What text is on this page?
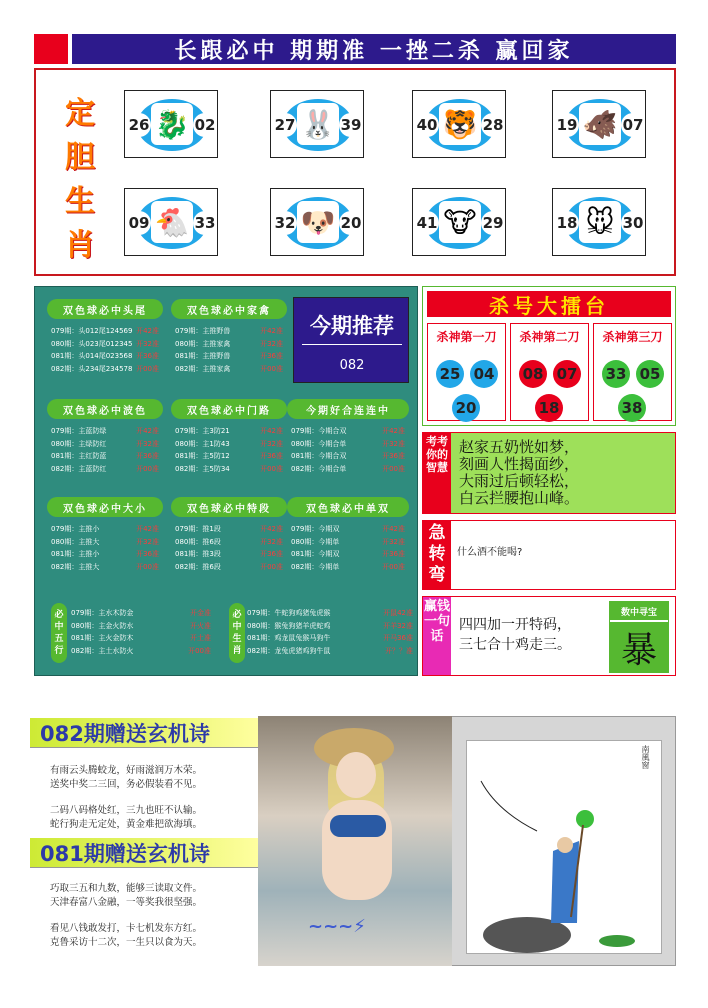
长跟必中 期期准 一挫二杀 赢回家
定
胆
生
肖
🐉
26	02	🐰
27	39	🐯
40	28	🐗
19	07
🐔
09	33	🐶
32	20	🐮
41	29	🐭
18	30
今期推荐
082
双色球必中头尾
079期：头012尾124569 开42准
080期：头023尾012345 开32准
081期：头014尾023568 开36准
082期：头234尾234578 开00准
双色球必中家禽
079期：主推野兽	开42准
080期：主推家禽	开32准
081期：主推野兽	开36准
082期：主推家禽	开00准
双色球必中波色
079期：主蓝防绿	开42准
080期：主绿防红	开32准
081期：主红防蓝	开36准
082期：主蓝防红	开00准
双色球必中门路
079期：主3防21	开42准
080期：主1防43	开32准
081期：主5防12	开36准
082期：主5防34	开00准
今期好合连连中
079期：今期合双	开42准
080期：今期合单	开32准
081期：今期合双	开36准
082期：今期合单	开00准
双色球必中大小
079期：主推小	开42准
080期：主推大	开32准
081期：主推小	开36准
082期：主推大	开00准
双色球必中特段
079期：推1段	开42准
080期：推6段	开32准
081期：推3段	开36准
082期：推6段	开00准
双色球必中单双
079期：今期双	开42准
080期：今期单	开32准
081期：今期双	开36准
082期：今期单	开00准
必中五行
079期：主水木防金	开金准
080期：主金火防水	开火准
081期：主火金防木	开土准
082期：主土水防火	开00准
必中生肖
079期：牛蛇狗鸡猪兔虎猴	开鼠42准
080期：猴兔狗猪羊虎蛇鸡	开羊32准
081期：鸡龙鼠兔猴马狗牛	开马36准
082期：龙兔虎猪鸡狗牛鼠	开？？准
杀号大擂台
杀神第一刀
25 04
20
杀神第二刀
08 07
18
杀神第三刀
33 05
38
考考你的智慧
赵家五奶恍如梦，
刻画人性揭面纱，
大雨过后顿轻松，
白云拦腰抱山峰。
急转弯
什么酒不能喝?
赢钱一句话
四四加一开特码，
三七合十鸡走三。
数中寻宝
暴
082期赠送玄机诗
有雨云头腾蛟龙，好雨滋润万木荣。
送奖中奖二三回，务必假装看不见。
二码八码格处红，三九也旺不认输。
蛇行狗走无定处，黄金难把欲海填。
081期赠送玄机诗
巧取三五和九数，能够三读取文件。
天津春富八金融，一等奖我很坚强。
看见八钱敢发打，卡七机发东方红。
克鲁采访十二次，一生只以食为天。
~~~⚡
南風窗
